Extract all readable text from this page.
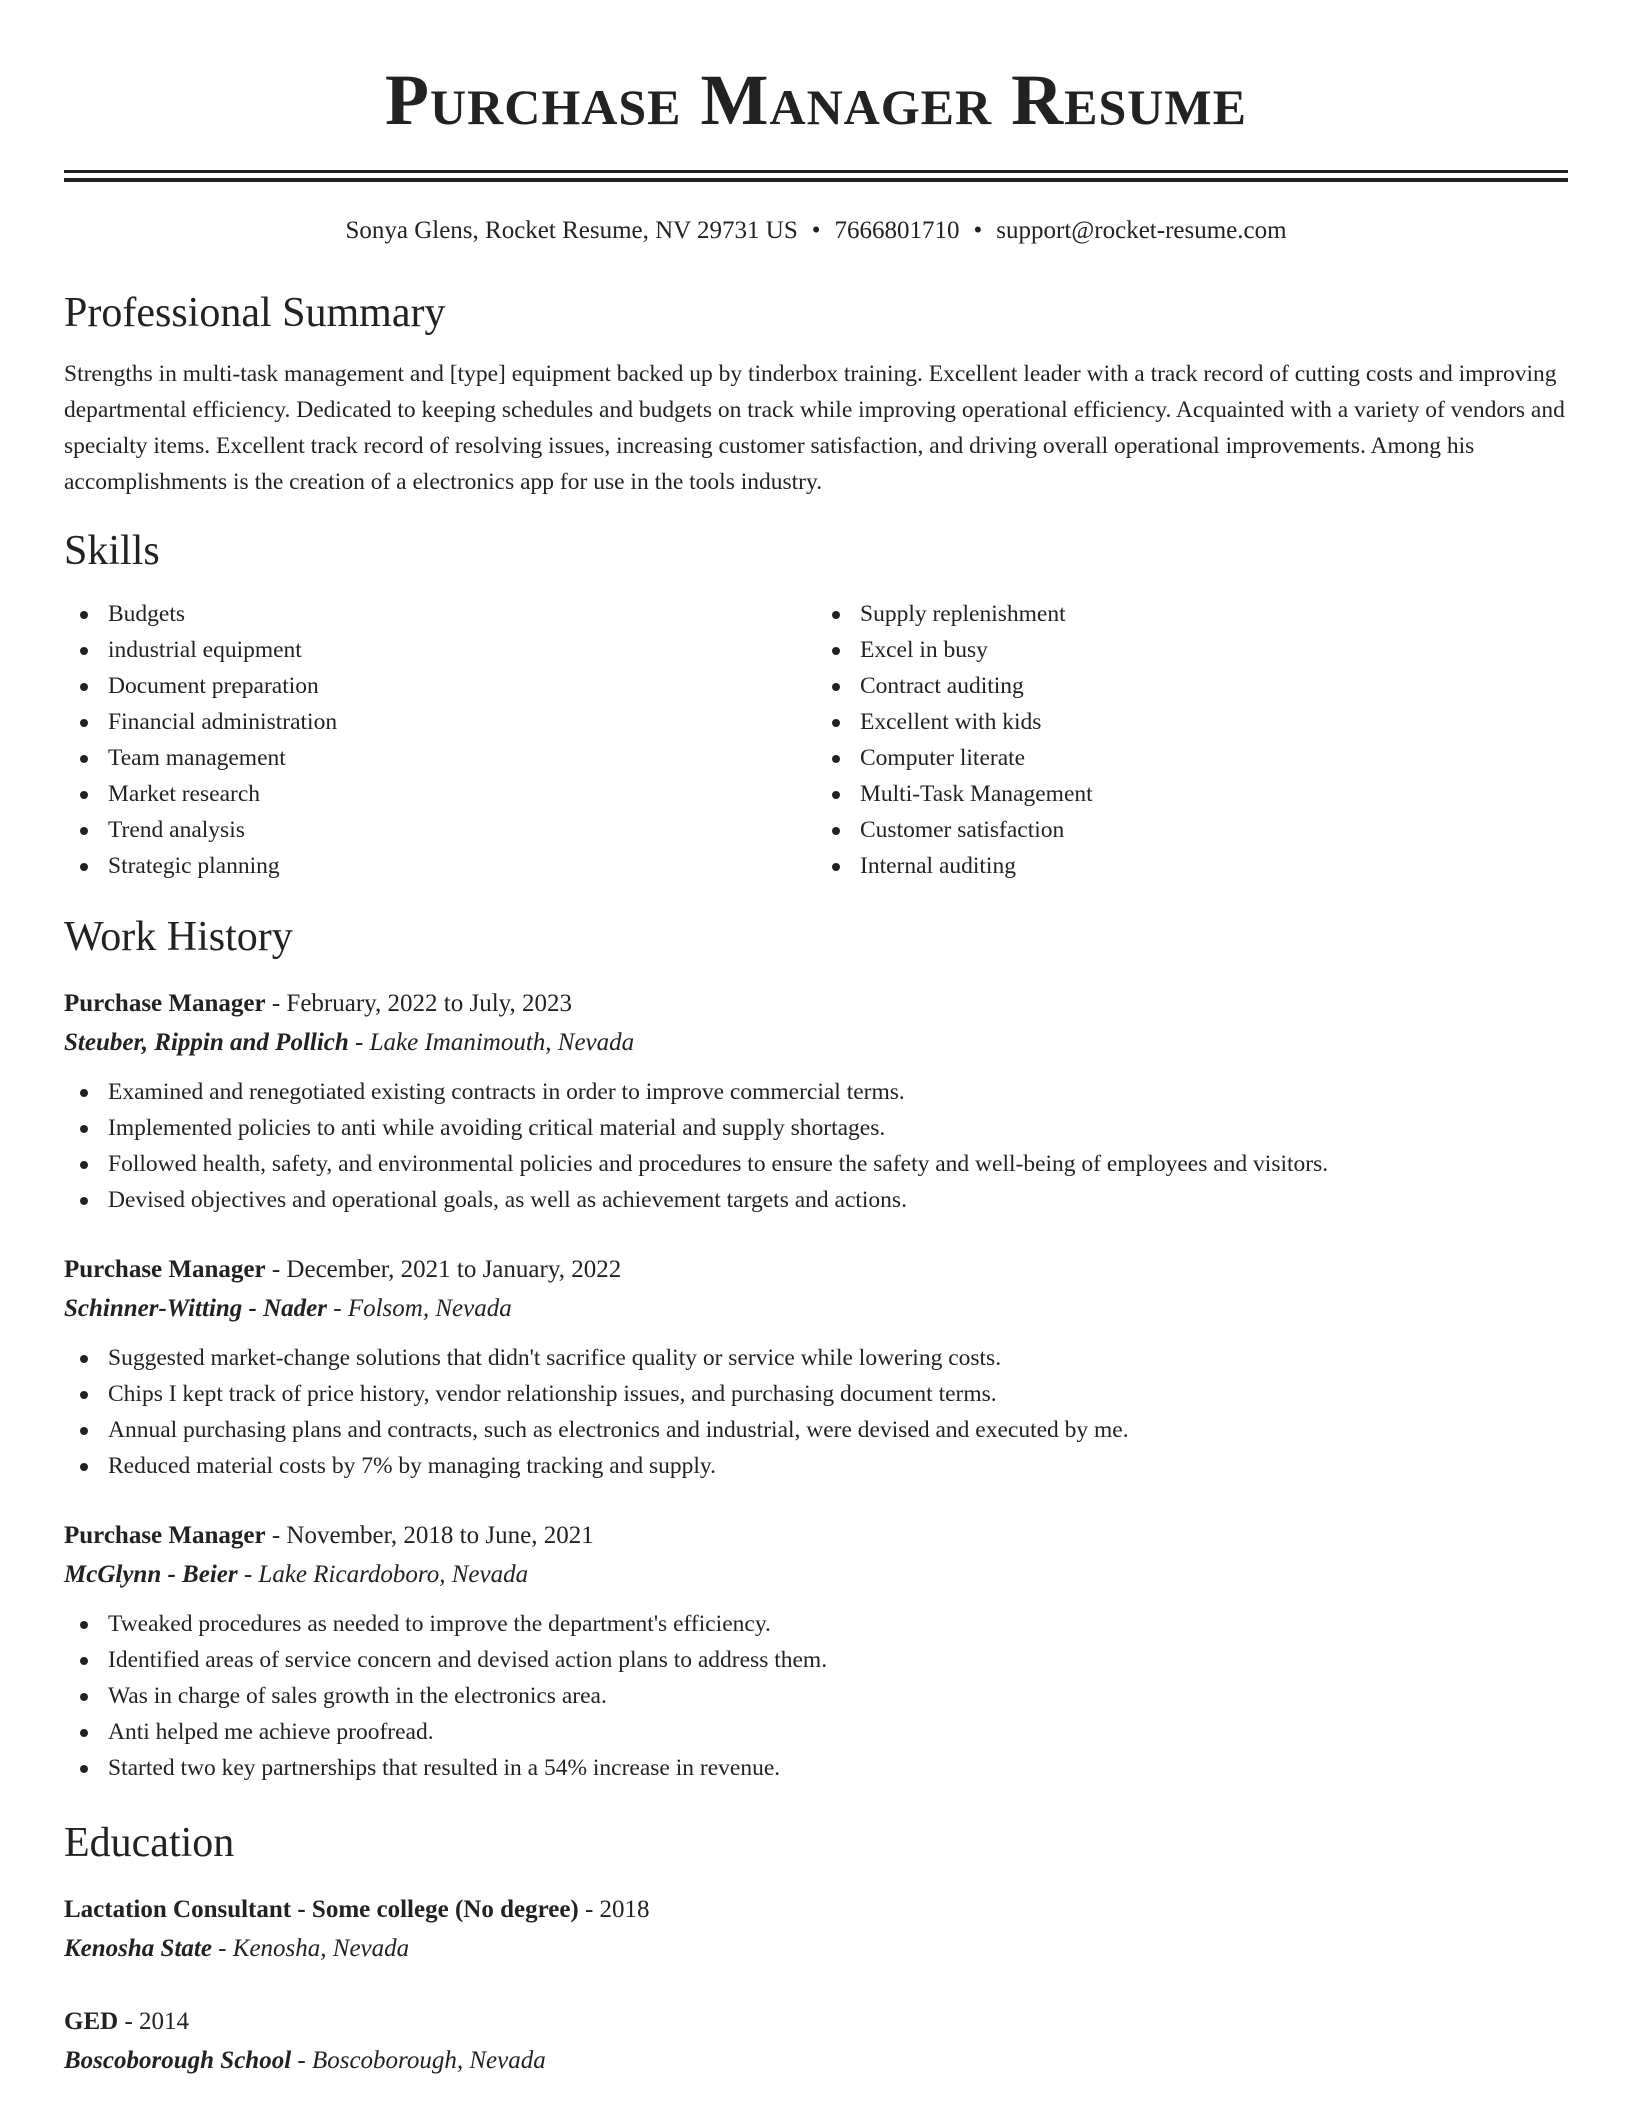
Purchase Manager Resume
Sonya Glens, Rocket Resume, NV 29731 US • 7666801710 • support@rocket-resume.com
Professional Summary
Strengths in multi-task management and [type] equipment backed up by tinderbox training. Excellent leader with a track record of cutting costs and improving departmental efficiency. Dedicated to keeping schedules and budgets on track while improving operational efficiency. Acquainted with a variety of vendors and specialty items. Excellent track record of resolving issues, increasing customer satisfaction, and driving overall operational improvements. Among his accomplishments is the creation of a electronics app for use in the tools industry.
Skills
Budgets
industrial equipment
Document preparation
Financial administration
Team management
Market research
Trend analysis
Strategic planning
Supply replenishment
Excel in busy
Contract auditing
Excellent with kids
Computer literate
Multi-Task Management
Customer satisfaction
Internal auditing
Work History
Purchase Manager - February, 2022 to July, 2023
Steuber, Rippin and Pollich - Lake Imanimouth, Nevada
Examined and renegotiated existing contracts in order to improve commercial terms.
Implemented policies to anti while avoiding critical material and supply shortages.
Followed health, safety, and environmental policies and procedures to ensure the safety and well-being of employees and visitors.
Devised objectives and operational goals, as well as achievement targets and actions.
Purchase Manager - December, 2021 to January, 2022
Schinner-Witting - Nader - Folsom, Nevada
Suggested market-change solutions that didn't sacrifice quality or service while lowering costs.
Chips I kept track of price history, vendor relationship issues, and purchasing document terms.
Annual purchasing plans and contracts, such as electronics and industrial, were devised and executed by me.
Reduced material costs by 7% by managing tracking and supply.
Purchase Manager - November, 2018 to June, 2021
McGlynn - Beier - Lake Ricardoboro, Nevada
Tweaked procedures as needed to improve the department's efficiency.
Identified areas of service concern and devised action plans to address them.
Was in charge of sales growth in the electronics area.
Anti helped me achieve proofread.
Started two key partnerships that resulted in a 54% increase in revenue.
Education
Lactation Consultant - Some college (No degree) - 2018
Kenosha State - Kenosha, Nevada
GED - 2014
Boscoborough School - Boscoborough, Nevada
